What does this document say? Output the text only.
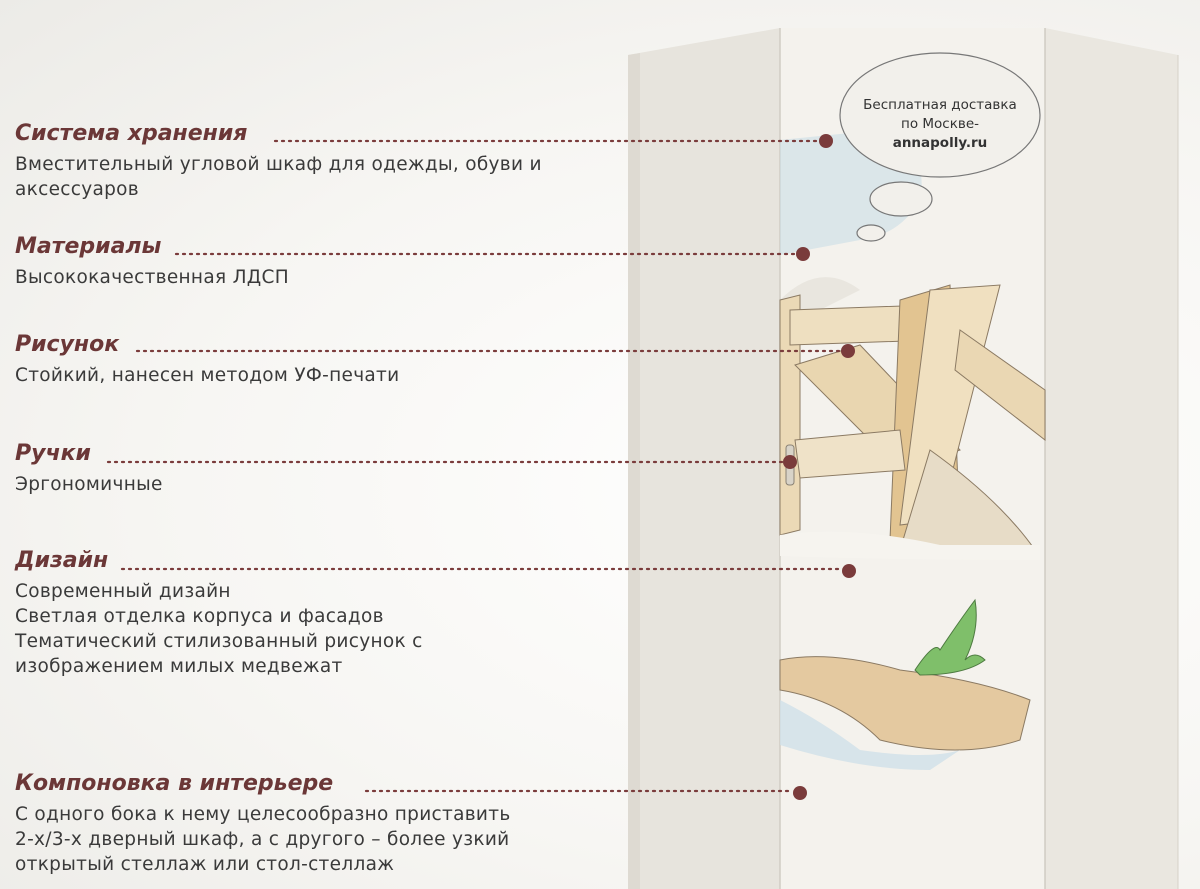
Бесплатная доставка
по Москве-
annapolly.ru
Система хранения
Вместительный угловой шкаф для одежды, обуви и
аксессуаров
Материалы
Высококачественная ЛДСП
Рисунок
Стойкий, нанесен методом УФ-печати
Ручки
Эргономичные
Дизайн
Современный дизайн
Светлая отделка корпуса и фасадов
Тематический стилизованный рисунок с
изображением милых медвежат
Компоновка в интерьере
С одного бока к нему целесообразно приставить
2-х/3-х дверный шкаф, а с другого – более узкий
открытый стеллаж или стол-стеллаж
